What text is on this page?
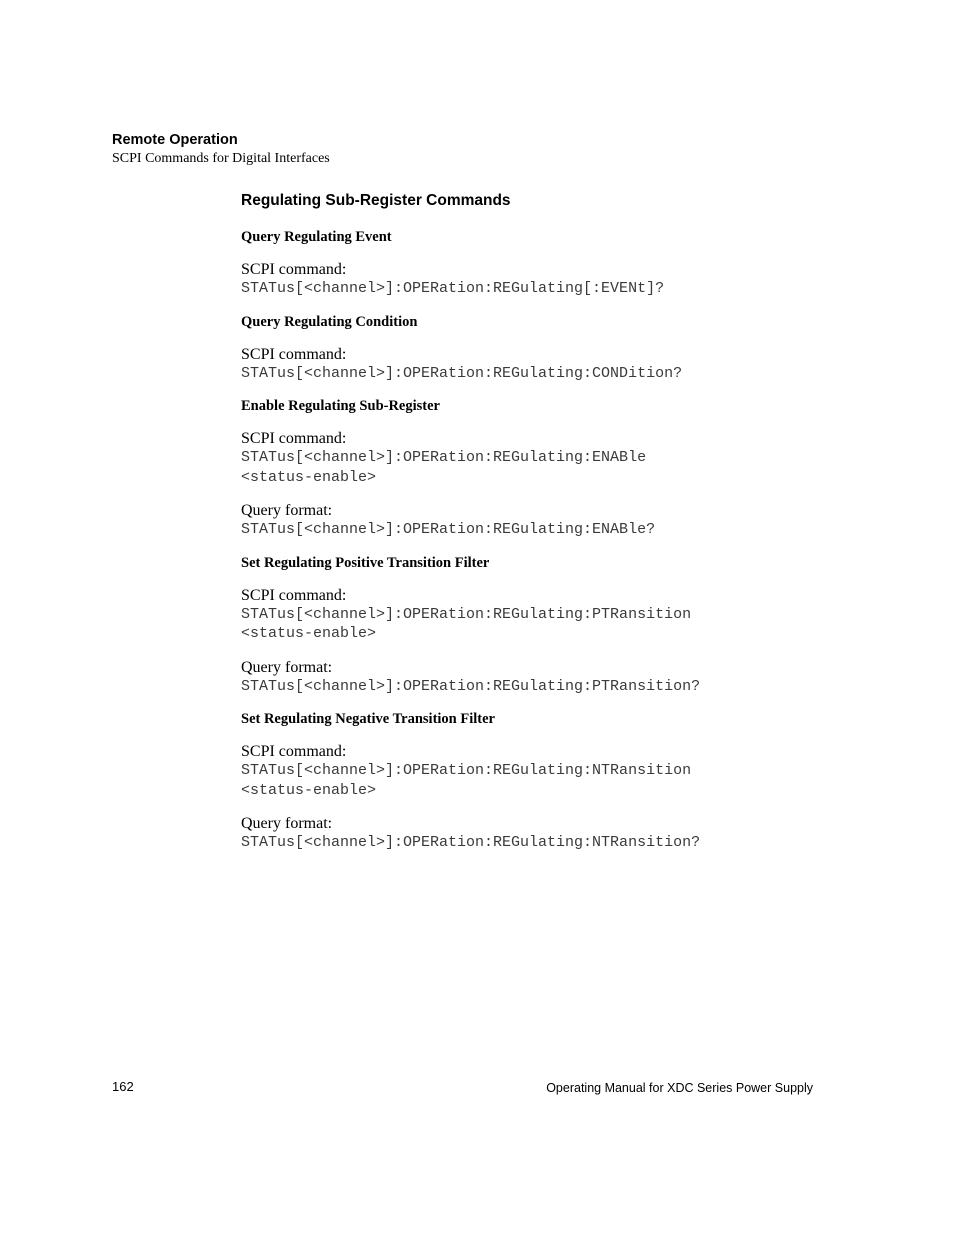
Remote Operation
SCPI Commands for Digital Interfaces
Regulating Sub-Register Commands
Query Regulating Event
SCPI command:
STATus[<channel>]:OPERation:REGulating[:EVENt]?
Query Regulating Condition
SCPI command:
STATus[<channel>]:OPERation:REGulating:CONDition?
Enable Regulating Sub-Register
SCPI command:
STATus[<channel>]:OPERation:REGulating:ENABle
<status-enable>
Query format:
STATus[<channel>]:OPERation:REGulating:ENABle?
Set Regulating Positive Transition Filter
SCPI command:
STATus[<channel>]:OPERation:REGulating:PTRansition
<status-enable>
Query format:
STATus[<channel>]:OPERation:REGulating:PTRansition?
Set Regulating Negative Transition Filter
SCPI command:
STATus[<channel>]:OPERation:REGulating:NTRansition
<status-enable>
Query format:
STATus[<channel>]:OPERation:REGulating:NTRansition?
162	Operating Manual for XDC Series Power Supply
